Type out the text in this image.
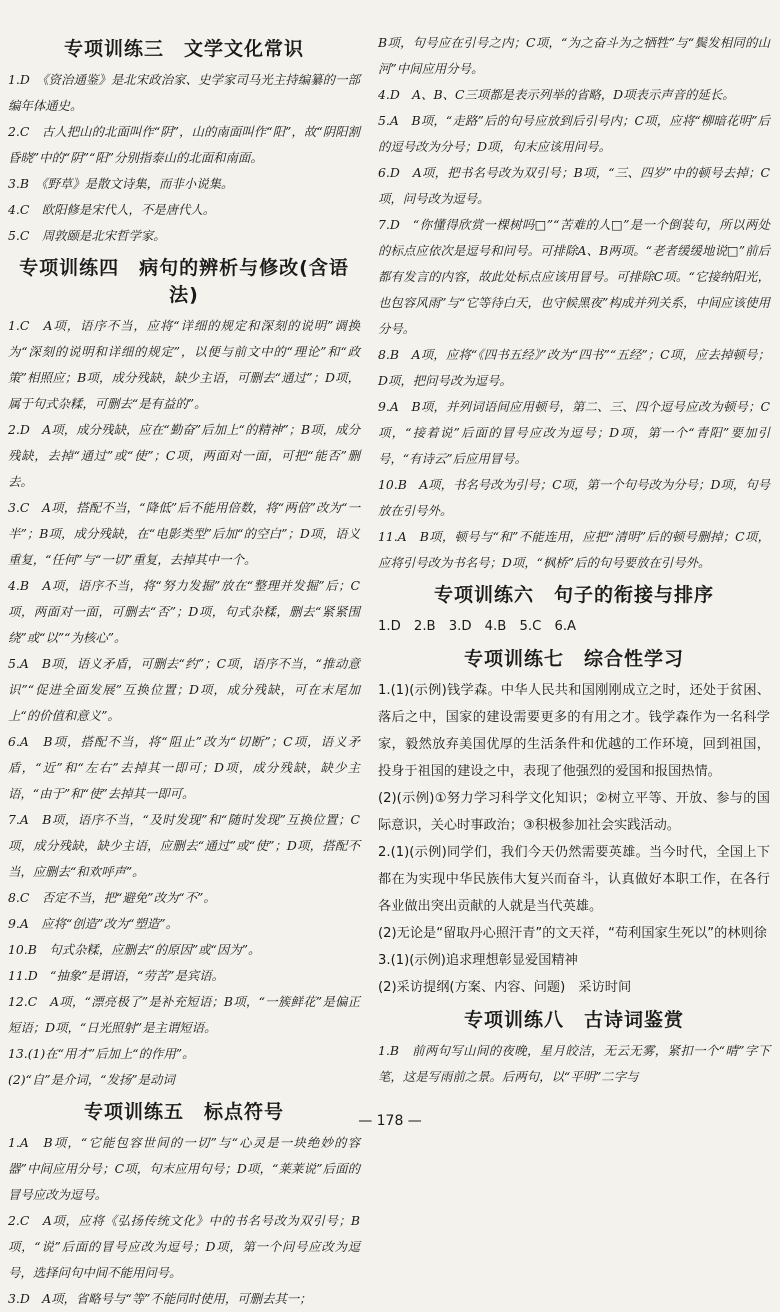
专项训练三　文学文化常识

1.D　《资治通鉴》是北宋政治家、史学家司马光主持编纂的一部编年体通史。

2.C　古人把山的北面叫作“阴”，山的南面叫作“阳”，故“阴阳割昏晓”中的“阴”“阳”分别指泰山的北面和南面。

3.B　《野草》是散文诗集，而非小说集。

4.C　欧阳修是宋代人，不是唐代人。

5.C　周敦颐是北宋哲学家。

专项训练四　病句的辨析与修改(含语法)

1.C　A项，语序不当，应将“详细的规定和深刻的说明”调换为“深刻的说明和详细的规定”，以便与前文中的“理论”和“政策”相照应；B项，成分残缺，缺少主语，可删去“通过”；D项，属于句式杂糅，可删去“是有益的”。

2.D　A项，成分残缺，应在“勤奋”后加上“的精神”；B项，成分残缺，去掉“通过”或“使”；C项，两面对一面，可把“能否”删去。

3.C　A项，搭配不当，“降低”后不能用倍数，将“两倍”改为“一半”；B项，成分残缺，在“电影类型”后加“的空白”；D项，语义重复，“任何”与“一切”重复，去掉其中一个。

4.B　A项，语序不当，将“努力发掘”放在“整理并发掘”后；C项，两面对一面，可删去“否”；D项，句式杂糅，删去“紧紧围绕”或“以”“为核心”。

5.A　B项，语义矛盾，可删去“约”；C项，语序不当，“推动意识”“促进全面发展”互换位置；D项，成分残缺，可在末尾加上“的价值和意义”。

6.A　B项，搭配不当，将“阻止”改为“切断”；C项，语义矛盾，“近”和“左右”去掉其一即可；D项，成分残缺，缺少主语，“由于”和“使”去掉其一即可。

7.A　B项，语序不当，“及时发现”和“随时发现”互换位置；C项，成分残缺，缺少主语，应删去“通过”或“使”；D项，搭配不当，应删去“和欢呼声”。

8.C　否定不当，把“避免”改为“不”。

9.A　应将“创造”改为“塑造”。

10.B　句式杂糅，应删去“的原因”或“因为”。

11.D　“抽象”是谓语，“劳苦”是宾语。

12.C　A项，“漂亮极了”是补充短语；B项，“一簇鲜花”是偏正短语；D项，“日光照射”是主谓短语。

13.(1)在“用才”后加上“的作用”。

(2)“自”是介词，“发扬”是动词

专项训练五　标点符号

1.A　B项，“它能包容世间的一切”与“心灵是一块绝妙的容器”中间应用分号；C项，句末应用句号；D项，“莱莱说”后面的冒号应改为逗号。

2.C　A项，应将《弘扬传统文化》中的书名号改为双引号；B项，“说”后面的冒号应改为逗号；D项，第一个问号应改为逗号，选择问句中间不能用问号。

3.D　A项，省略号与“等”不能同时使用，可删去其一；

B项，句号应在引号之内；C项，“为之奋斗为之牺牲”与“鬓发相同的山河”中间应用分号。

4.D　A、B、C三项都是表示列举的省略，D项表示声音的延长。

5.A　B项，“走路”后的句号应放到后引号内；C项，应将“柳暗花明”后的逗号改为分号；D项，句末应该用问号。

6.D　A项，把书名号改为双引号；B项，“三、四岁”中的顿号去掉；C项，问号改为逗号。

7.D　“你懂得欣赏一棵树吗□”“苦难的人□”是一个倒装句，所以两处的标点应依次是逗号和问号。可排除A、B两项。“老者缓缓地说□”前后都有发言的内容，故此处标点应该用冒号。可排除C项。“它接纳阳光，也包容风雨”与“它等待白天，也守候黑夜”构成并列关系，中间应该使用分号。

8.B　A项，应将“《四书五经》”改为“四书”“五经”；C项，应去掉顿号；D项，把问号改为逗号。

9.A　B项，并列词语间应用顿号，第二、三、四个逗号应改为顿号；C项，“接着说”后面的冒号应改为逗号；D项，第一个“青阳”要加引号，“有诗云”后应用冒号。

10.B　A项，书名号改为引号；C项，第一个句号改为分号；D项，句号放在引号外。

11.A　B项，顿号与“和”不能连用，应把“清明”后的顿号删掉；C项，应将引号改为书名号；D项，“枫桥”后的句号要放在引号外。

专项训练六　句子的衔接与排序

1.D　2.B　3.D　4.B　5.C　6.A

专项训练七　综合性学习

1.(1)(示例)钱学森。中华人民共和国刚刚成立之时，还处于贫困、落后之中，国家的建设需要更多的有用之才。钱学森作为一名科学家，毅然放弃美国优厚的生活条件和优越的工作环境，回到祖国，投身于祖国的建设之中，表现了他强烈的爱国和报国热情。

(2)(示例)①努力学习科学文化知识；②树立平等、开放、参与的国际意识，关心时事政治；③积极参加社会实践活动。

2.(1)(示例)同学们，我们今天仍然需要英雄。当今时代，全国上下都在为实现中华民族伟大复兴而奋斗，认真做好本职工作，在各行各业做出突出贡献的人就是当代英雄。

(2)无论是“留取丹心照汗青”的文天祥，“苟利国家生死以”的林则徐

3.(1)(示例)追求理想彰显爱国精神

(2)采访提纲(方案、内容、问题)　采访时间

专项训练八　古诗词鉴赏

1.B　前两句写山间的夜晚，星月皎洁，无云无雾，紧扣一个“晴”字下笔，这是写雨前之景。后两句，以“平明”二字与

— 178 —
